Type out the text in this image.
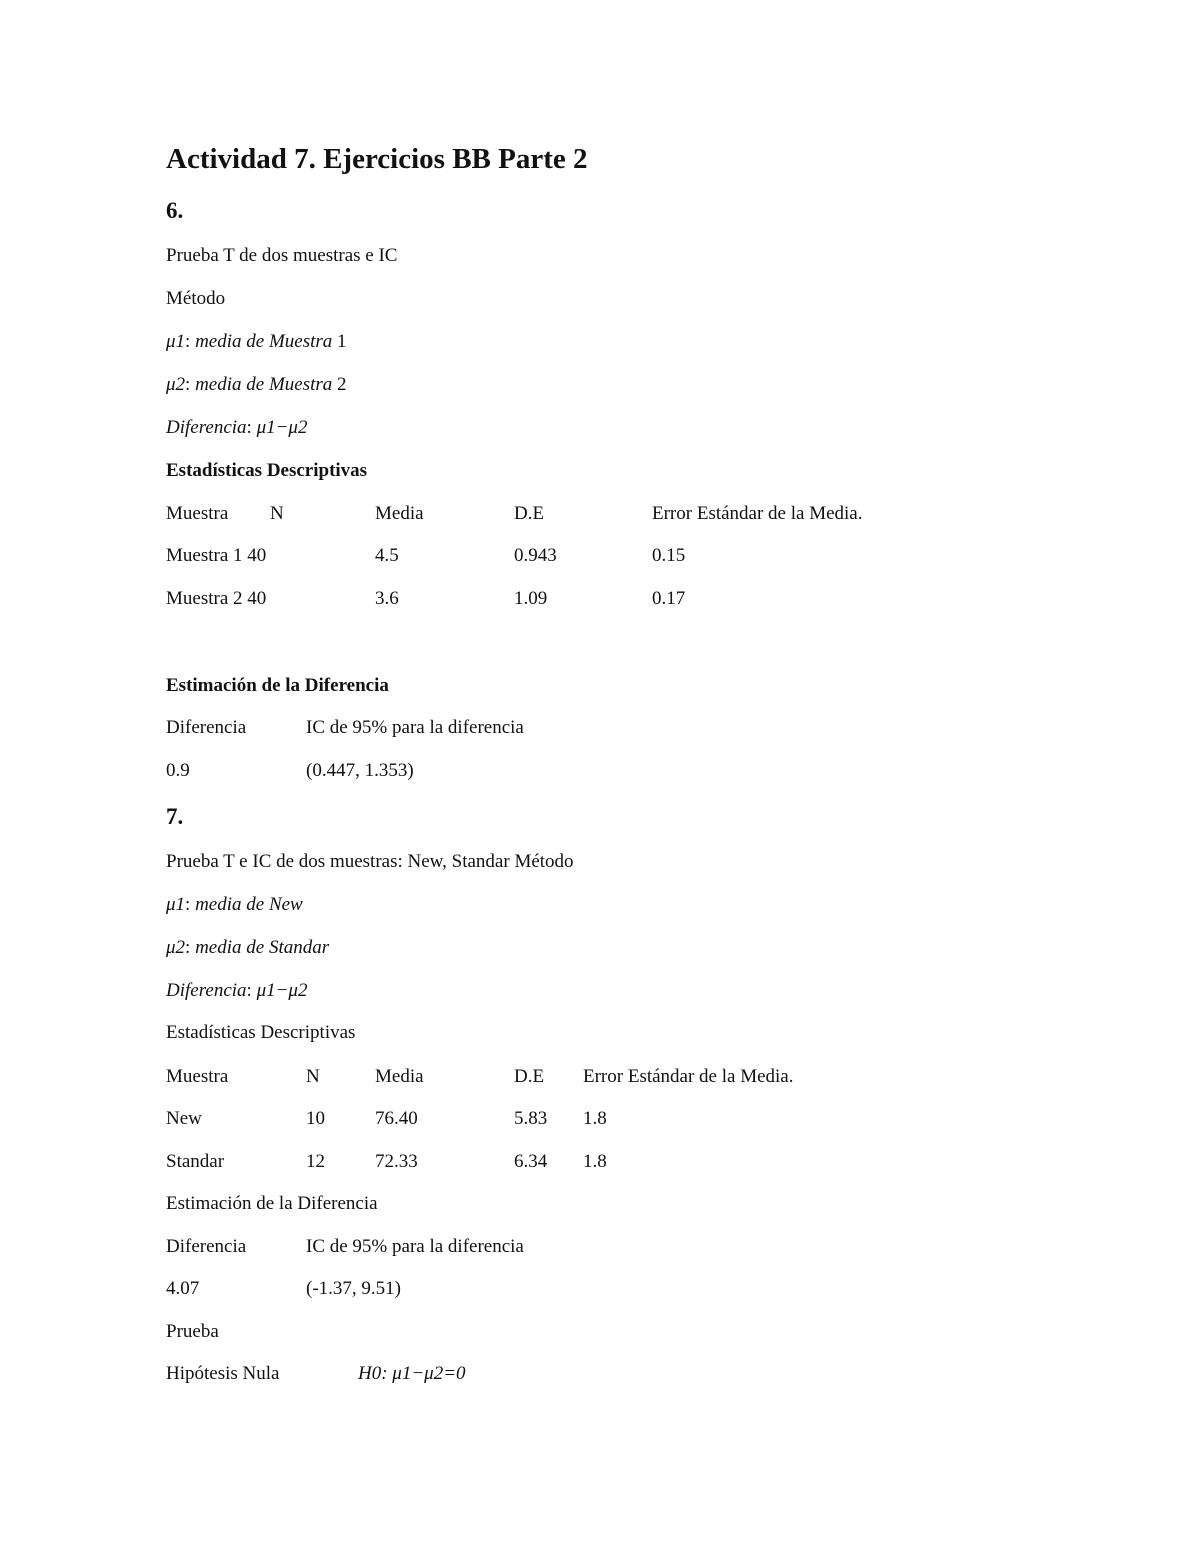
Actividad 7. Ejercicios BB Parte 2
6.
Prueba T de dos muestras e IC
Método
μ1: media de Muestra 1
μ2: media de Muestra 2
Diferencia: μ1−μ2
Estadísticas Descriptivas
Muestra N	Media	D.E	Error Estándar de la Media.
Muestra 1 40	4.5	0.943	0.15
Muestra 2 40	3.6	1.09	0.17
Estimación de la Diferencia
Diferencia	IC de 95% para la diferencia
0.9	(0.447, 1.353)
7.
Prueba T e IC de dos muestras: New, Standar Método
μ1: media de New
μ2: media de Standar
Diferencia: μ1−μ2
Estadísticas Descriptivas
Muestra	N	Media	D.E Error Estándar de la Media.
New	10	76.40	5.83 1.8
Standar	12	72.33	6.34 1.8
Estimación de la Diferencia
Diferencia	IC de 95% para la diferencia
4.07	(-1.37, 9.51)
Prueba
Hipótesis Nula	H0: μ1−μ2=0
